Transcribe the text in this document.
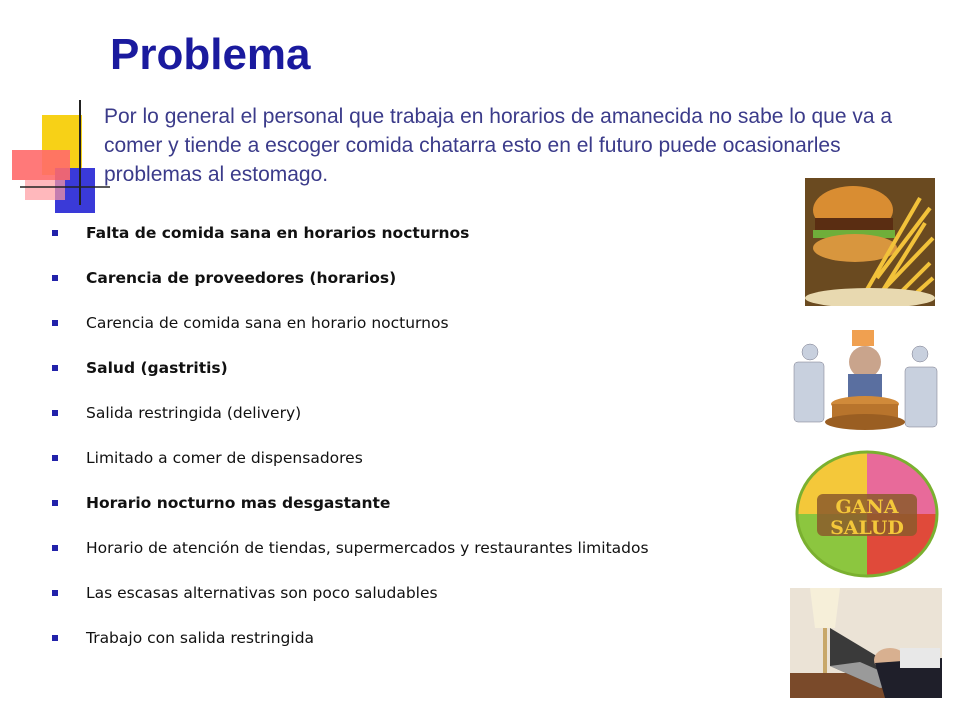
Problema
Por lo general el personal que trabaja en horarios de amanecida no sabe lo que va a comer y tiende a escoger comida chatarra esto en el futuro puede ocasionarles problemas al estomago.
Falta de comida sana en horarios nocturnos
Carencia de proveedores (horarios)
Carencia de comida sana en horario nocturnos
Salud (gastritis)
Salida restringida (delivery)
Limitado a comer de dispensadores
Horario nocturno mas desgastante
Horario de atención de tiendas, supermercados y restaurantes limitados
Las escasas alternativas son poco saludables
Trabajo con salida restringida
GANA
SALUD
